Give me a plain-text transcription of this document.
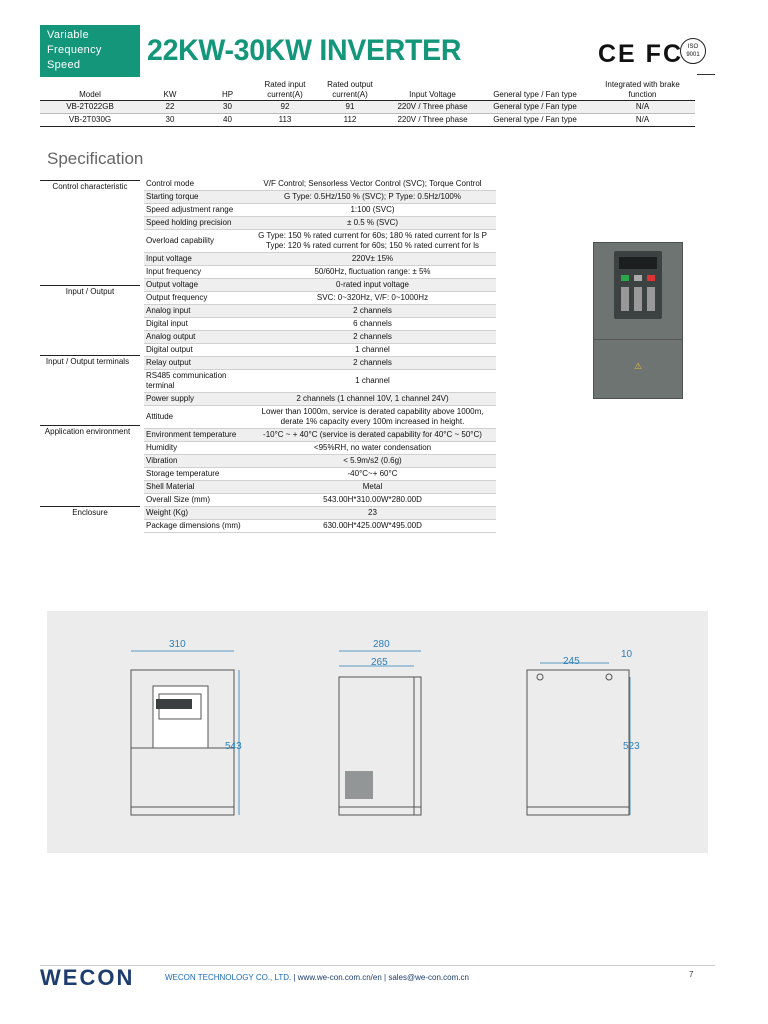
Variable
Frequency
Speed	22KW-30KW INVERTER	CE FC ISO 9001
Model	KW	HP	Rated input current(A)	Rated output current(A)	Input Voltage	General type / Fan type	Integrated with brake function
VB-2T022GB	22	30	92	91	220V / Three phase	General type / Fan type	N/A
VB-2T030G	30	40	113	112	220V / Three phase	General type / Fan type	N/A
Specification
Control characteristic
Input / Output
Input / Output terminals
Application environment
Enclosure
Control mode	V/F Control; Sensorless Vector Control (SVC); Torque Control
Starting torque	G Type: 0.5Hz/150 % (SVC); P Type: 0.5Hz/100%
Speed adjustment range	1:100 (SVC)
Speed holding precision	± 0.5 % (SVC)
Overload capability	G Type: 150 % rated current for 60s; 180 % rated current for ls P Type: 120 % rated current for 60s; 150 % rated current for ls
Input voltage	220V± 15%
Input frequency	50/60Hz, fluctuation range: ± 5%
Output voltage	0-rated input voltage
Output frequency	SVC: 0~320Hz, V/F: 0~1000Hz
Analog input	2 channels
Digital input	6 channels
Analog output	2 channels
Digital output	1 channel
Relay output	2 channels
RS485 communication terminal	1 channel
Power supply	2 channels (1 channel 10V, 1 channel 24V)
Attitude	Lower than 1000m, service is derated capability above 1000m, derate 1% capacity every 100m increased in height.
Environment temperature	-10°C ~ + 40°C (service is derated capability for 40°C ~ 50°C)
Humidity	<95%RH, no water condensation
Vibration	< 5.9m/s2 (0.6g)
Storage temperature	-40°C~+ 60°C
Shell Material	Metal
Overall Size (mm)	543.00H*310.00W*280.00D
Weight (Kg)	23
Package dimensions (mm)	630.00H*425.00W*495.00D
⚠
310
543
280
265	245
10
523
WECON	WECON TECHNOLOGY CO., LTD. | www.we-con.com.cn/en | sales@we-con.com.cn	7
